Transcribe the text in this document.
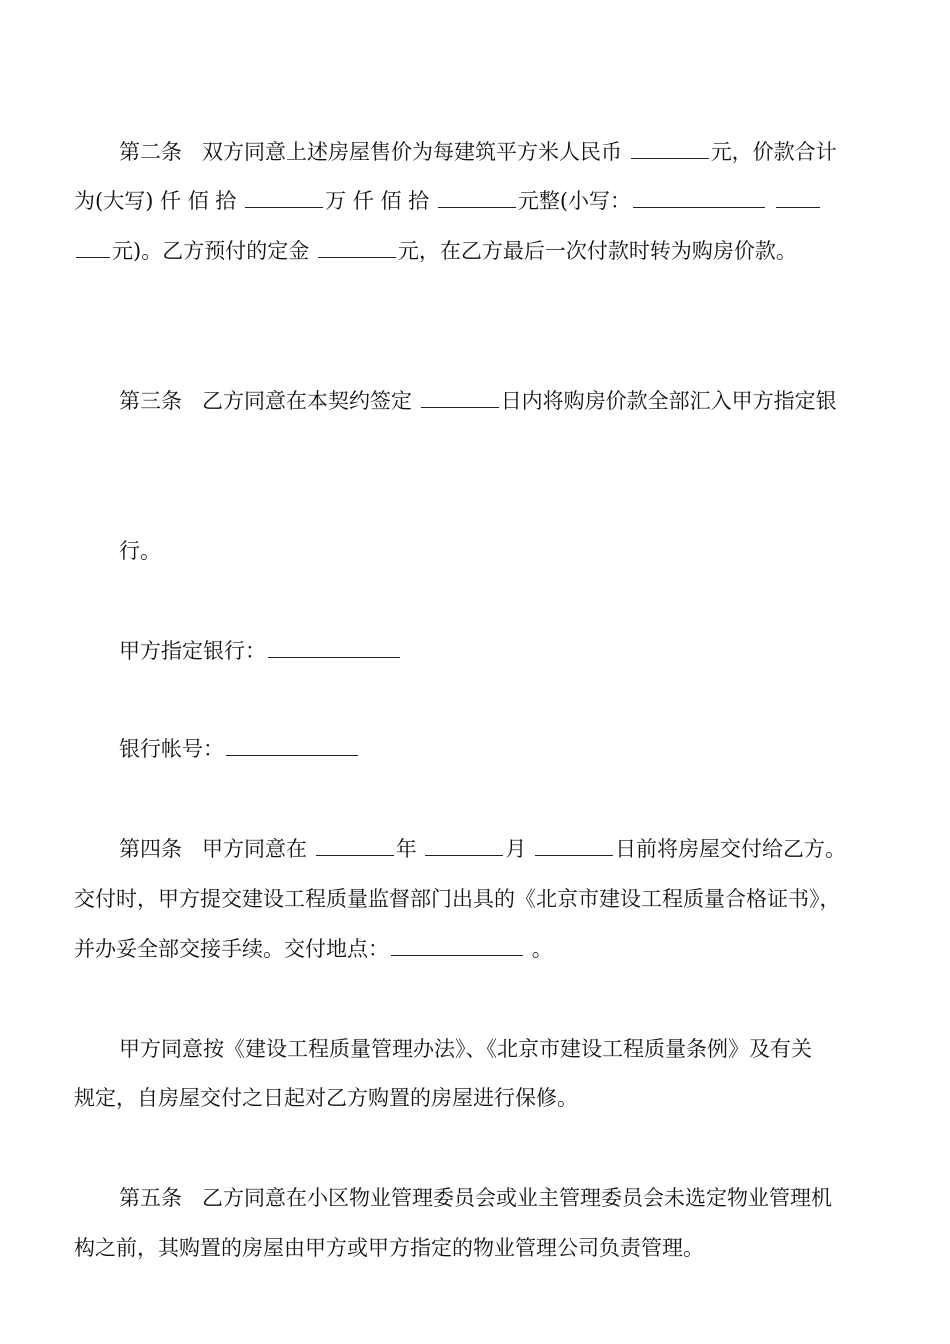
第二条 双方同意上述房屋售价为每建筑平方米人民币	元，价款合计
为(大写) 仟 佰 拾	万 仟 佰 拾	元整(小写：
元)。乙方预付的定金	元，在乙方最后一次付款时转为购房价款。
第三条 乙方同意在本契约签定	日内将购房价款全部汇入甲方指定银
行。
甲方指定银行：
银行帐号：
第四条 甲方同意在	年	月	日前将房屋交付给乙方。
交付时，甲方提交建设工程质量监督部门出具的《北京市建设工程质量合格证书》，
并办妥全部交接手续。交付地点：	。
甲方同意按《建设工程质量管理办法》、《北京市建设工程质量条例》及有关
规定，自房屋交付之日起对乙方购置的房屋进行保修。
第五条 乙方同意在小区物业管理委员会或业主管理委员会未选定物业管理机
构之前，其购置的房屋由甲方或甲方指定的物业管理公司负责管理。
